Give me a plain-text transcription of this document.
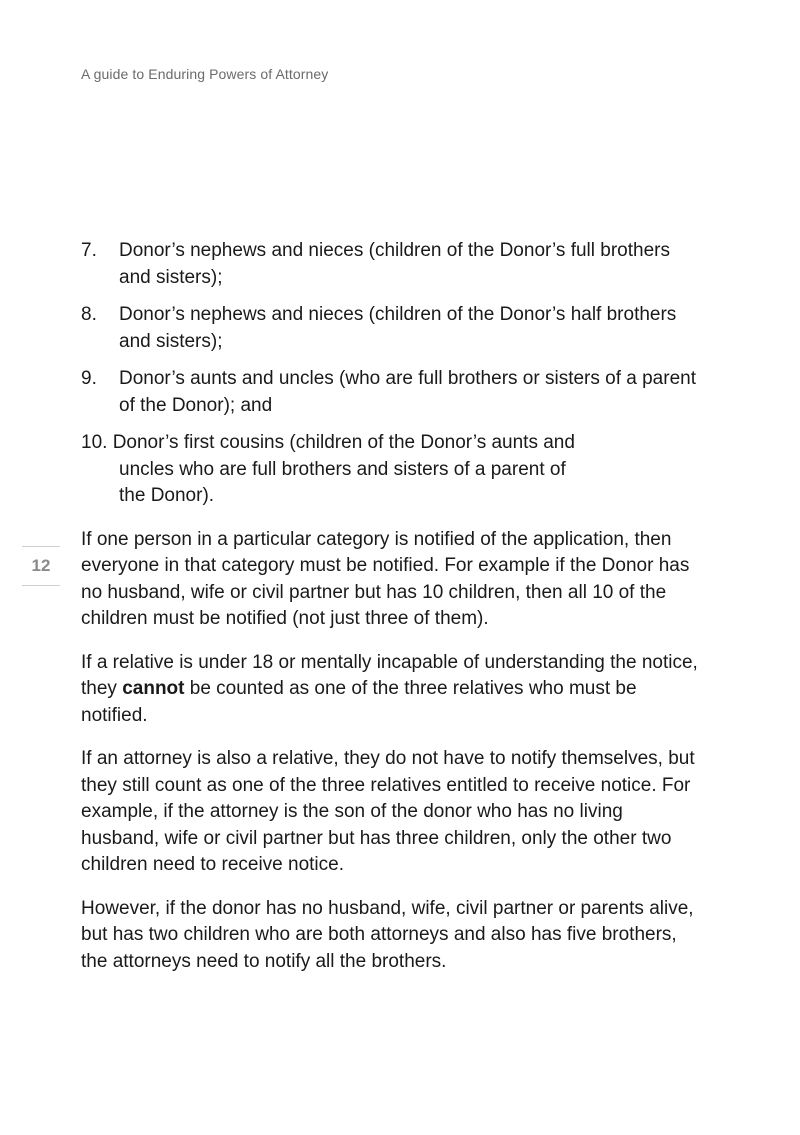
A guide to Enduring Powers of Attorney
12
7. Donor’s nephews and nieces (children of the Donor’s full brothers and sisters);
8. Donor’s nephews and nieces (children of the Donor’s half brothers and sisters);
9. Donor’s aunts and uncles (who are full brothers or sisters of a parent of the Donor); and
10. Donor’s first cousins (children of the Donor’s aunts and
uncles who are full brothers and sisters of a parent of
the Donor).

If one person in a particular category is notified of the application, then everyone in that category must be notified. For example if the Donor has no husband, wife or civil partner but has 10 children, then all 10 of the children must be notified (not just three of them).

If a relative is under 18 or mentally incapable of understanding the notice, they cannot be counted as one of the three relatives who must be notified.

If an attorney is also a relative, they do not have to notify themselves, but they still count as one of the three relatives entitled to receive notice. For example, if the attorney is the son of the donor who has no living husband, wife or civil partner but has three children, only the other two children need to receive notice.

However, if the donor has no husband, wife, civil partner or parents alive, but has two children who are both attorneys and also has five brothers, the attorneys need to notify all the brothers.
